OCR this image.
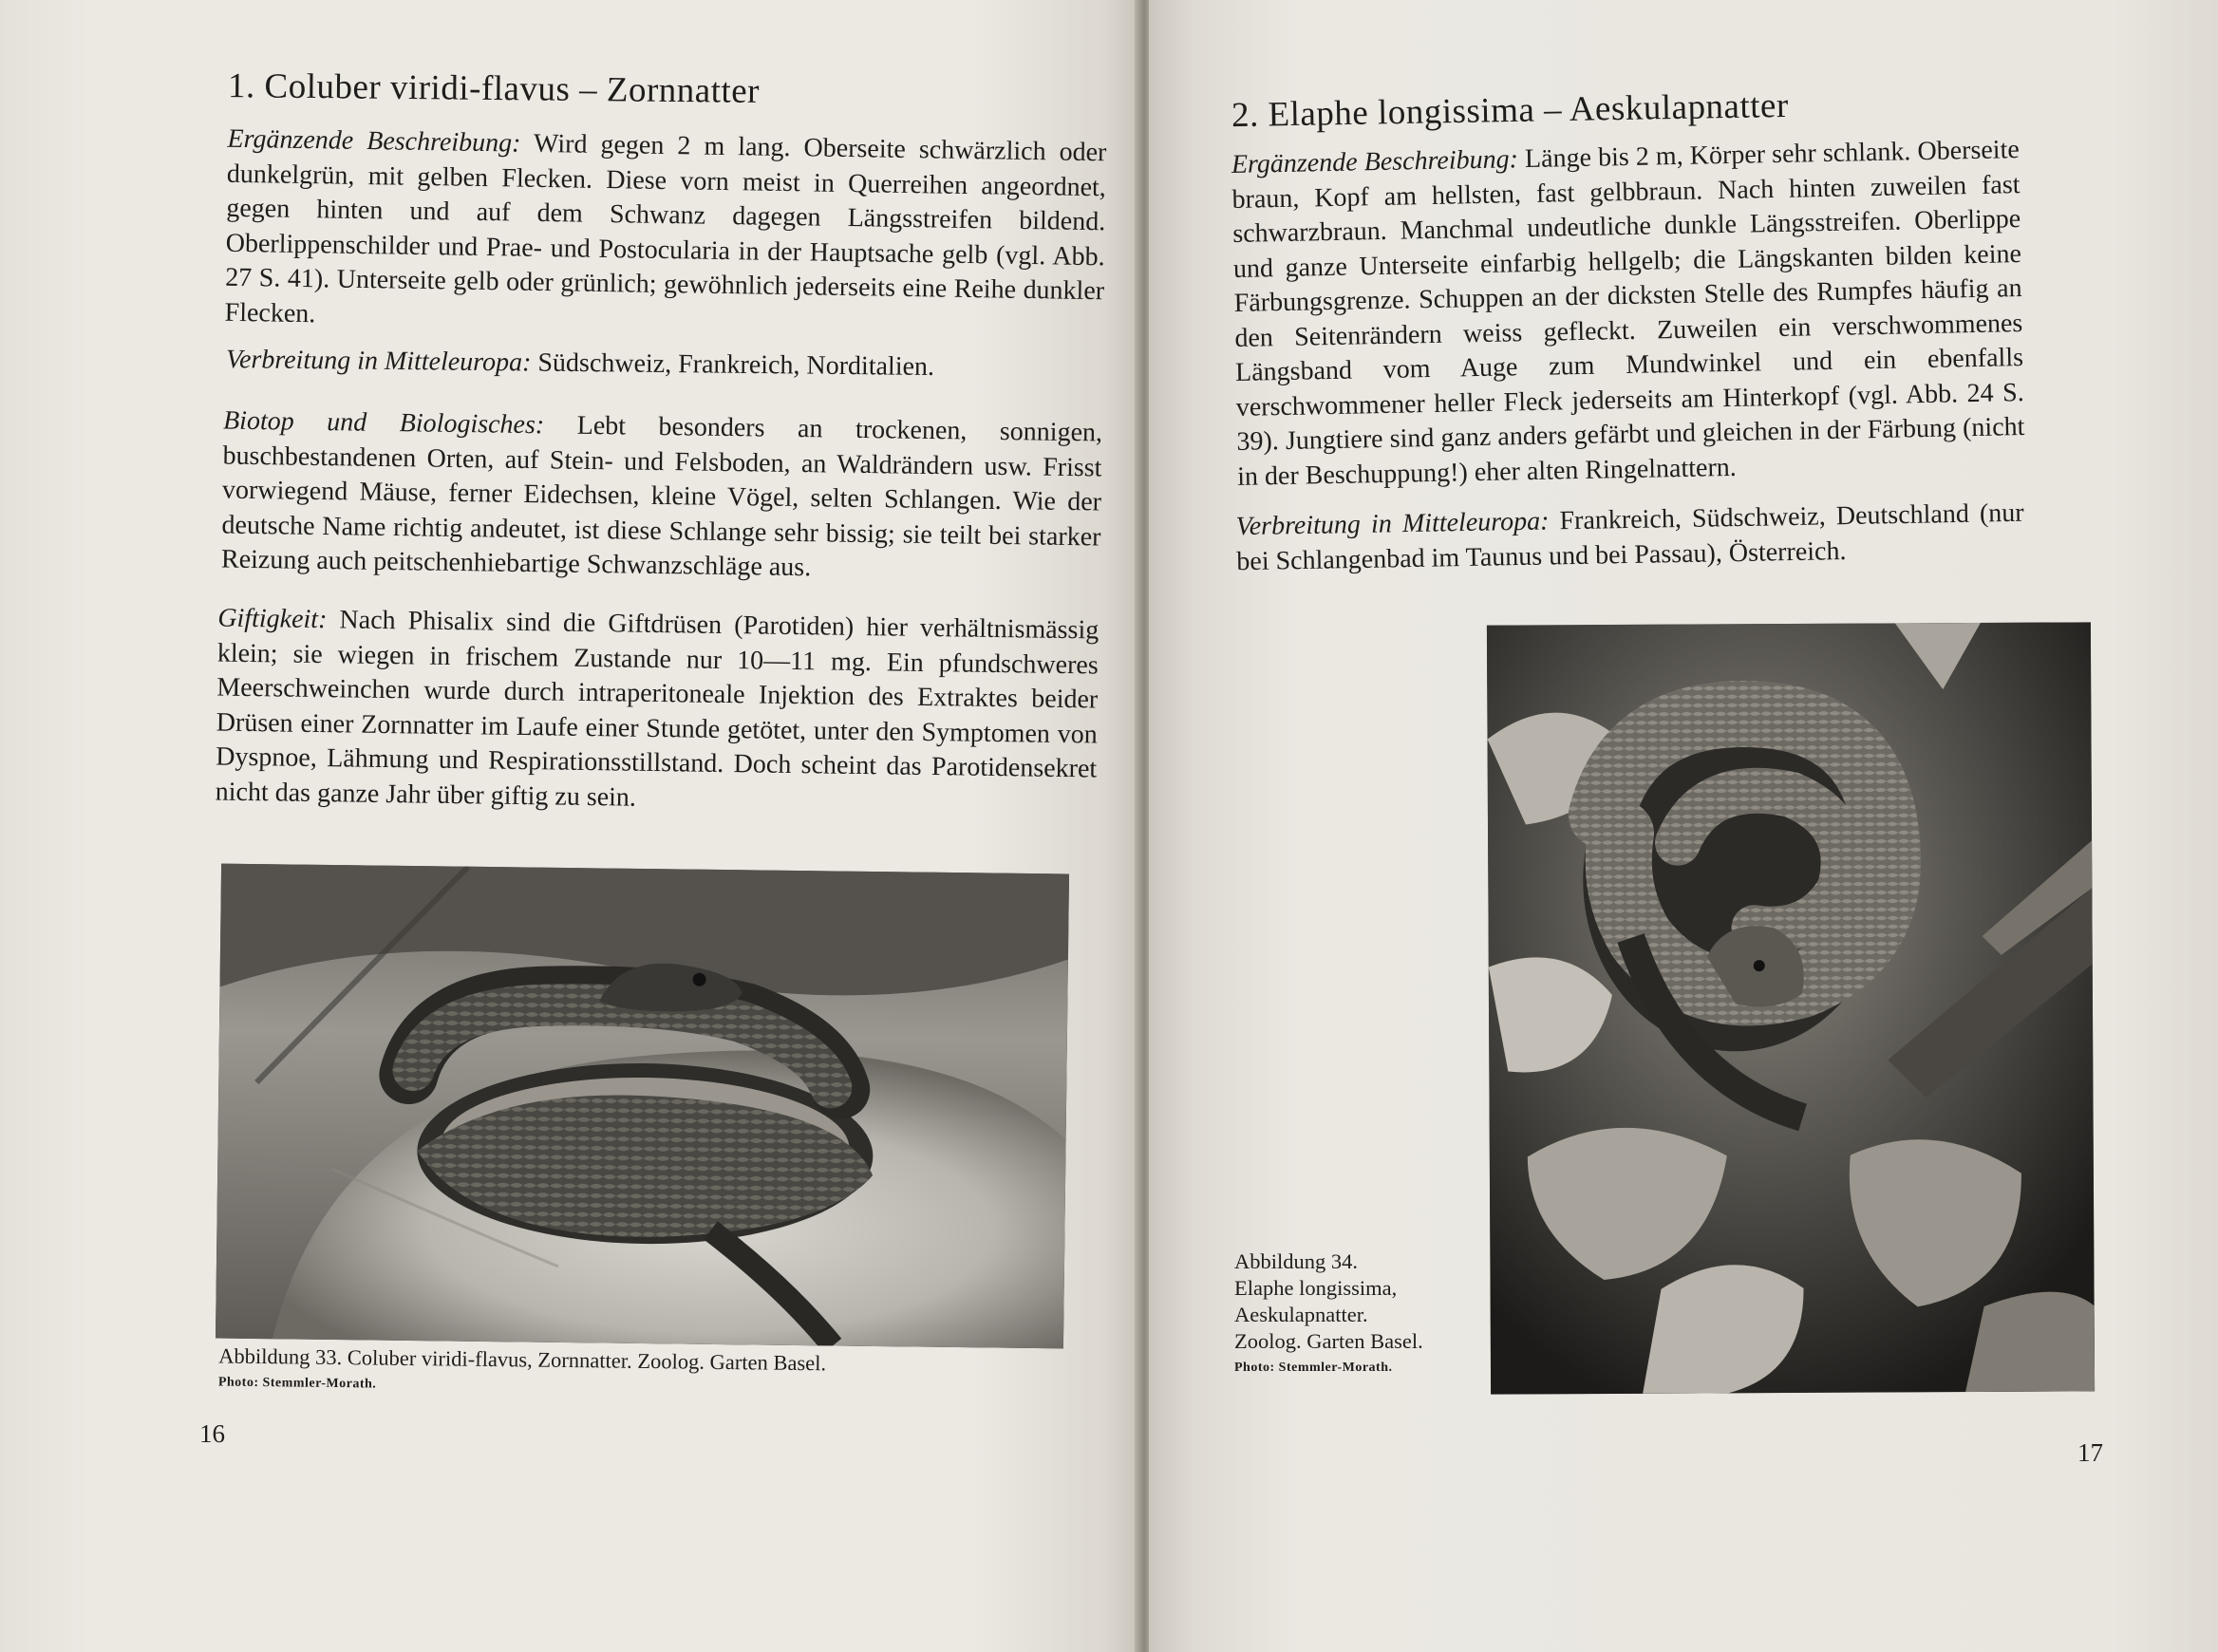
1. Coluber viridi-flavus – Zornnatter
Ergänzende Beschreibung: Wird gegen 2 m lang. Oberseite schwärzlich oder dunkelgrün, mit gelben Flecken. Diese vorn meist in Querreihen angeordnet, gegen hinten und auf dem Schwanz dagegen Längsstreifen bildend. Oberlippenschilder und Prae- und Postocularia in der Hauptsache gelb (vgl. Abb. 27 S. 41). Unterseite gelb oder grünlich; gewöhnlich jederseits eine Reihe dunkler Flecken.
Verbreitung in Mitteleuropa: Südschweiz, Frankreich, Norditalien.
Biotop und Biologisches: Lebt besonders an trockenen, sonnigen, buschbestandenen Orten, auf Stein- und Felsboden, an Waldrändern usw. Frisst vorwiegend Mäuse, ferner Eidechsen, kleine Vögel, selten Schlangen. Wie der deutsche Name richtig andeutet, ist diese Schlange sehr bissig; sie teilt bei starker Reizung auch peitschenhiebartige Schwanzschläge aus.
Giftigkeit: Nach Phisalix sind die Giftdrüsen (Parotiden) hier verhältnismässig klein; sie wiegen in frischem Zustande nur 10—11 mg. Ein pfundschweres Meerschweinchen wurde durch intraperitoneale Injektion des Extraktes beider Drüsen einer Zornnatter im Laufe einer Stunde getötet, unter den Symptomen von Dyspnoe, Lähmung und Respirationsstillstand. Doch scheint das Parotidensekret nicht das ganze Jahr über giftig zu sein.
Abbildung 33. Coluber viridi-flavus, Zornnatter. Zoolog. Garten Basel.
Photo: Stemmler-Morath.
16
2. Elaphe longissima – Aeskulapnatter
Ergänzende Beschreibung: Länge bis 2 m, Körper sehr schlank. Oberseite braun, Kopf am hellsten, fast gelbbraun. Nach hinten zuweilen fast schwarzbraun. Manchmal undeutliche dunkle Längsstreifen. Oberlippe und ganze Unterseite einfarbig hellgelb; die Längskanten bilden keine Färbungsgrenze. Schuppen an der dicksten Stelle des Rumpfes häufig an den Seitenrändern weiss gefleckt. Zuweilen ein verschwommenes Längsband vom Auge zum Mundwinkel und ein ebenfalls verschwommener heller Fleck jederseits am Hinterkopf (vgl. Abb. 24 S. 39). Jungtiere sind ganz anders gefärbt und gleichen in der Färbung (nicht in der Beschuppung!) eher alten Ringelnattern.
Verbreitung in Mitteleuropa: Frankreich, Südschweiz, Deutschland (nur bei Schlangenbad im Taunus und bei Passau), Österreich.
Abbildung 34.
Elaphe longissima,
Aeskulapnatter.
Zoolog. Garten Basel.
Photo: Stemmler-Morath.
17
